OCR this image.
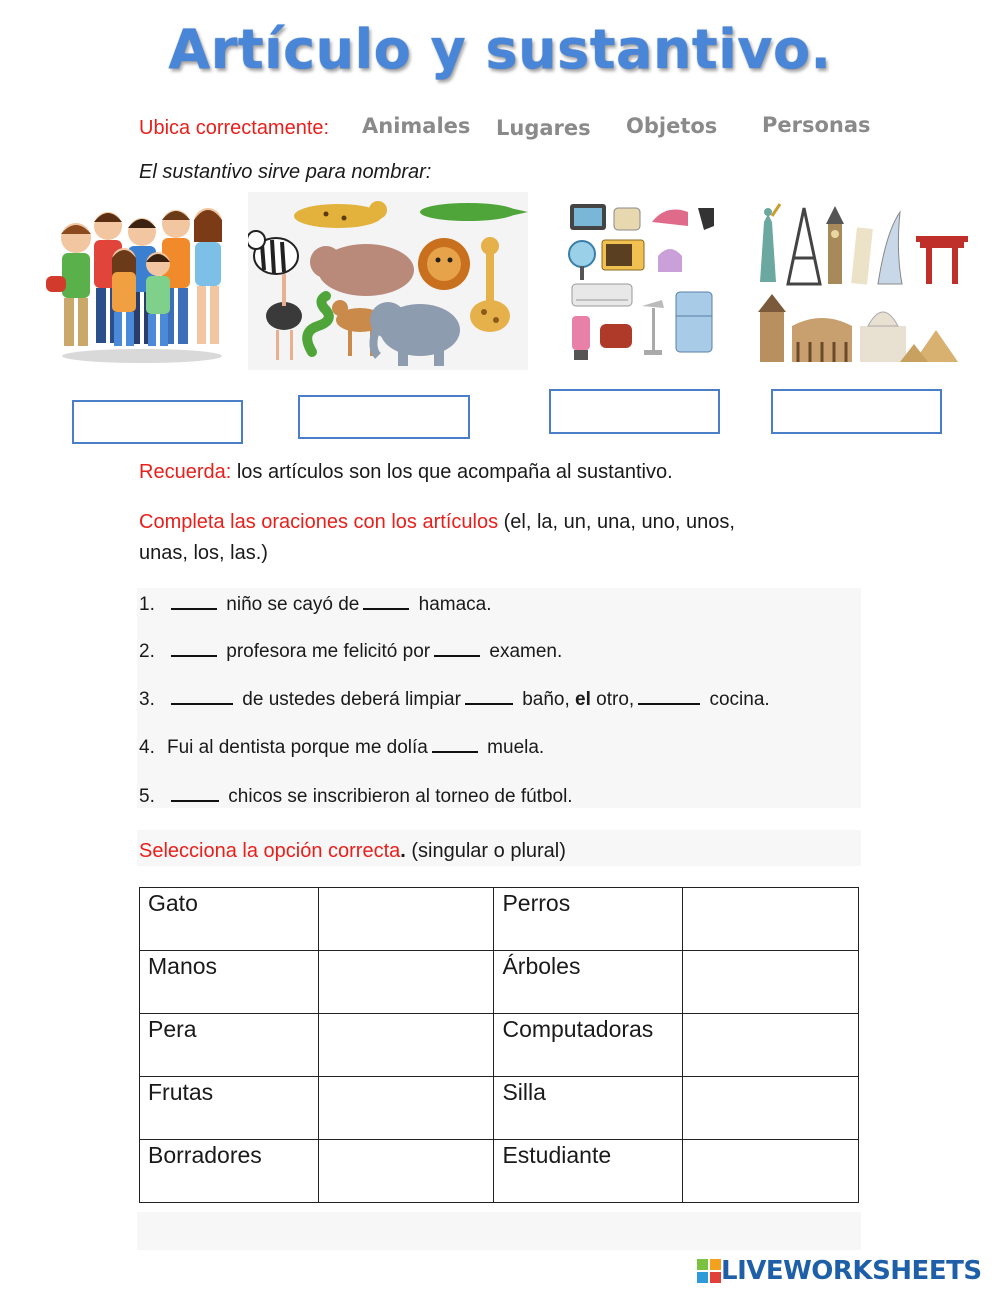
Artículo y sustantivo.
Ubica correctamente: Animales Lugares Objetos Personas
El sustantivo sirve para nombrar:
Recuerda: los artículos son los que acompaña al sustantivo.
Completa las oraciones con los artículos (el, la, un, una, uno, unos,
unas, los, las.)
1.	niño se cayó de	hamaca.
2.	profesora me felicitó por	examen.
3.	de ustedes deberá limpiar	baño, el otro,	cocina.
4. Fui al dentista porque me dolía	muela.
5.	chicos se inscribieron al torneo de fútbol.
Selecciona la opción correcta. (singular o plural)
Gato		Perros	
Manos		Árboles	
Pera		Computadoras	
Frutas		Silla	
Borradores		Estudiante	
LIVEWORKSHEETS
